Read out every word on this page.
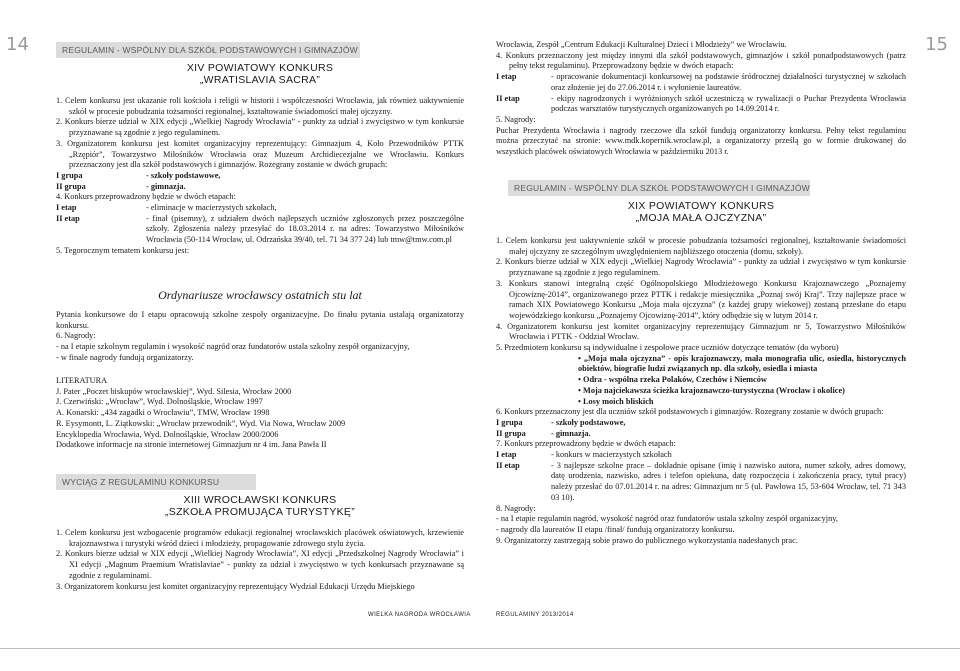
14	REGULAMIN - WSPÓLNY DLA SZKÓŁ PODSTAWOWYCH I GIMNAZJÓW
XIV POWIATOWY KONKURS
„WRATISLAVIA SACRA”

1. Celem konkursu jest ukazanie roli kościoła i religii w historii i współczesności Wrocławia, jak również uaktywnienie szkół w procesie pobudzania tożsamości regionalnej, kształtowanie świadomości małej ojczyzny.

2. Konkurs bierze udział w XIX edycji „Wielkiej Nagrody Wrocławia” - punkty za udział i zwycięstwo w tym konkursie przyznawane są zgodnie z jego regulaminem.

3. Organizatorem konkursu jest komitet organizacyjny reprezentujący: Gimnazjum 4, Koło Przewodników PTTK „Rzępiór”, Towarzystwo Miłośników Wrocławia oraz Muzeum Archidiecezjalne we Wrocławiu. Konkurs przeznaczony jest dla szkół podstawowych i gimnazjów. Rozegrany zostanie w dwóch grupach:

I grupa	- szkoły podstawowe,
II grupa	- gimnazja.

4. Konkurs przeprowadzony będzie w dwóch etapach:

I etap	- eliminacje w macierzystych szkołach,
II etap	- finał (pisemny), z udziałem dwóch najlepszych uczniów zgłoszonych przez poszczególne szkoły. Zgłoszenia należy przesyłać do 18.03.2014 r. na adres: Towarzystwo Miłośników Wrocławia (50-114 Wrocław, ul. Odrzańska 39/40, tel. 71 34 377 24) lub tmw@tmw.com.pl

5. Tegorocznym tematem konkursu jest:

Ordynariusze wrocławscy ostatnich stu lat

Pytania konkursowe do I etapu opracowują szkolne zespoły organizacyjne. Do finału pytania ustalają organizatorzy konkursu.

6. Nagrody:

- na I etapie szkolnym regulamin i wysokość nagród oraz fundatorów ustala szkolny zespół organizacyjny,

- w finale nagrody fundują organizatorzy.

LITERATURA

J. Pater „Poczet biskupów wrocławskiej”, Wyd. Silesia, Wrocław 2000

J. Czerwiński: „Wrocław”, Wyd. Dolnośląskie, Wrocław 1997

A. Konarski: „434 zagadki o Wrocławiu”, TMW, Wrocław 1998

R. Eysymontt, L. Ziątkowski: „Wrocław przewodnik”, Wyd. Via Nowa, Wrocław 2009

Encyklopedia Wrocławia, Wyd. Dolnośląskie, Wrocław 2000/2006

Dodatkowe informacje na stronie internetowej Gimnazjum nr 4 im. Jana Pawła II

WYCIĄG Z REGULAMINU KONKURSU
XIII WROCŁAWSKI KONKURS
„SZKOŁA PROMUJĄCA TURYSTYKĘ”

1. Celem konkursu jest wzbogacenie programów edukacji regionalnej wrocławskich placówek oświatowych, krzewienie krajoznawstwa i turystyki wśród dzieci i młodzieży, propagowanie zdrowego stylu życia.

2. Konkurs bierze udział w XIX edycji „Wielkiej Nagrody Wrocławia”, XI edycji „Przedszkolnej Nagrody Wrocławia” i XI edycji „Magnum Praemium Wratislaviae” - punkty za udział i zwycięstwo w tych konkursach przyznawane są zgodnie z regulaminami.

3. Organizatorem konkursu jest komitet organizacyjny reprezentujący Wydział Edukacji Urzędu Miejskiego

WIELKA NAGRODA WROCŁAWIA
15

Wrocławia, Zespół „Centrum Edukacji Kulturalnej Dzieci i Młodzieży” we Wrocławiu.

4. Konkurs przeznaczony jest między innymi dla szkół podstawowych, gimnazjów i szkół ponadpodstawowych (patrz pełny tekst regulaminu). Przeprowadzony będzie w dwóch etapach:

I etap	- opracowanie dokumentacji konkursowej na podstawie śródrocznej działalności turystycznej w szkołach oraz złożenie jej do 27.06.2014 r. i wyłonienie laureatów.
II etap	- ekipy nagrodzonych i wyróżnionych szkół uczestniczą w rywalizacji o Puchar Prezydenta Wrocławia podczas warsztatów turystycznych organizowanych po 14.09.2014 r.

5. Nagrody:

Puchar Prezydenta Wrocławia i nagrody rzeczowe dla szkół fundują organizatorzy konkursu. Pełny tekst regulaminu można przeczytać na stronie: www.mdk.kopernik.wroclaw.pl, a organizatorzy prześlą go w formie drukowanej do wszystkich placówek oświatowych Wrocławia w październiku 2013 r.

REGULAMIN - WSPÓLNY DLA SZKÓŁ PODSTAWOWYCH I GIMNAZJÓW
XIX POWIATOWY KONKURS
„MOJA MAŁA OJCZYZNA”

1. Celem konkursu jest uaktywnienie szkół w procesie pobudzania tożsamości regionalnej, kształtowanie świadomości małej ojczyzny ze szczególnym uwzględnieniem najbliższego otoczenia (domu, szkoły).

2. Konkurs bierze udział w XIX edycji „Wielkiej Nagrody Wrocławia” - punkty za udział i zwycięstwo w tym konkursie przyznawane są zgodnie z jego regulaminem.

3. Konkurs stanowi integralną część Ogólnopolskiego Młodzieżowego Konkursu Krajoznawczego „Poznajemy Ojcowiznę-2014”, organizowanego przez PTTK i redakcje miesięcznika „Poznaj swój Kraj”. Trzy najlepsze prace w ramach XIX Powiatowego Konkursu „Moja mała ojczyzna” (z każdej grupy wiekowej) zostaną przesłane do etapu wojewódzkiego konkursu „Poznajemy Ojcowiznę-2014”, który odbędzie się w lutym 2014 r.

4. Organizatorem konkursu jest komitet organizacyjny reprezentujący Gimnazjum nr 5, Towarzystwo Miłośników Wrocławia i PTTK - Oddział Wrocław.

5. Przedmiotem konkursu są indywidualne i zespołowe prace uczniów dotyczące tematów (do wyboru)

• „Moja mała ojczyzna” - opis krajoznawczy, mała monografia ulic, osiedla, historycznych obiektów, biografie ludzi związanych np. dla szkoły, osiedla i miasta
• Odra - wspólna rzeka Polaków, Czechów i Niemców
• Moja najciekawsza ścieżka krajoznawczo-turystyczna (Wrocław i okolice)
• Losy moich bliskich

6. Konkurs przeznaczony jest dla uczniów szkół podstawowych i gimnazjów. Rozegrany zostanie w dwóch grupach:

I grupa	- szkoły podstawowe,
II grupa	- gimnazja.

7. Konkurs przeprowadzony będzie w dwóch etapach:

I etap	- konkurs w macierzystych szkołach
II etap	- 3 najlepsze szkolne prace – dokładnie opisane (imię i nazwisko autora, numer szkoły, adres domowy, datę urodzenia, nazwisko, adres i telefon opiekuna, datę rozpoczęcia i zakończenia pracy, tytuł pracy) należy przesłać do 07.01.2014 r. na adres: Gimnazjum nr 5 (ul. Pawłowa 15, 53-604 Wrocław, tel. 71 343 03 10).

8. Nagrody:

- na I etapie regulamin nagród, wysokość nagród oraz fundatorów ustala szkolny zespół organizacyjny,

- nagrody dla laureatów II etapu /finał/ fundują organizatorzy konkursu.

9. Organizatorzy zastrzegają sobie prawo do publicznego wykorzystania nadesłanych prac.

REGULAMINY 2013/2014
